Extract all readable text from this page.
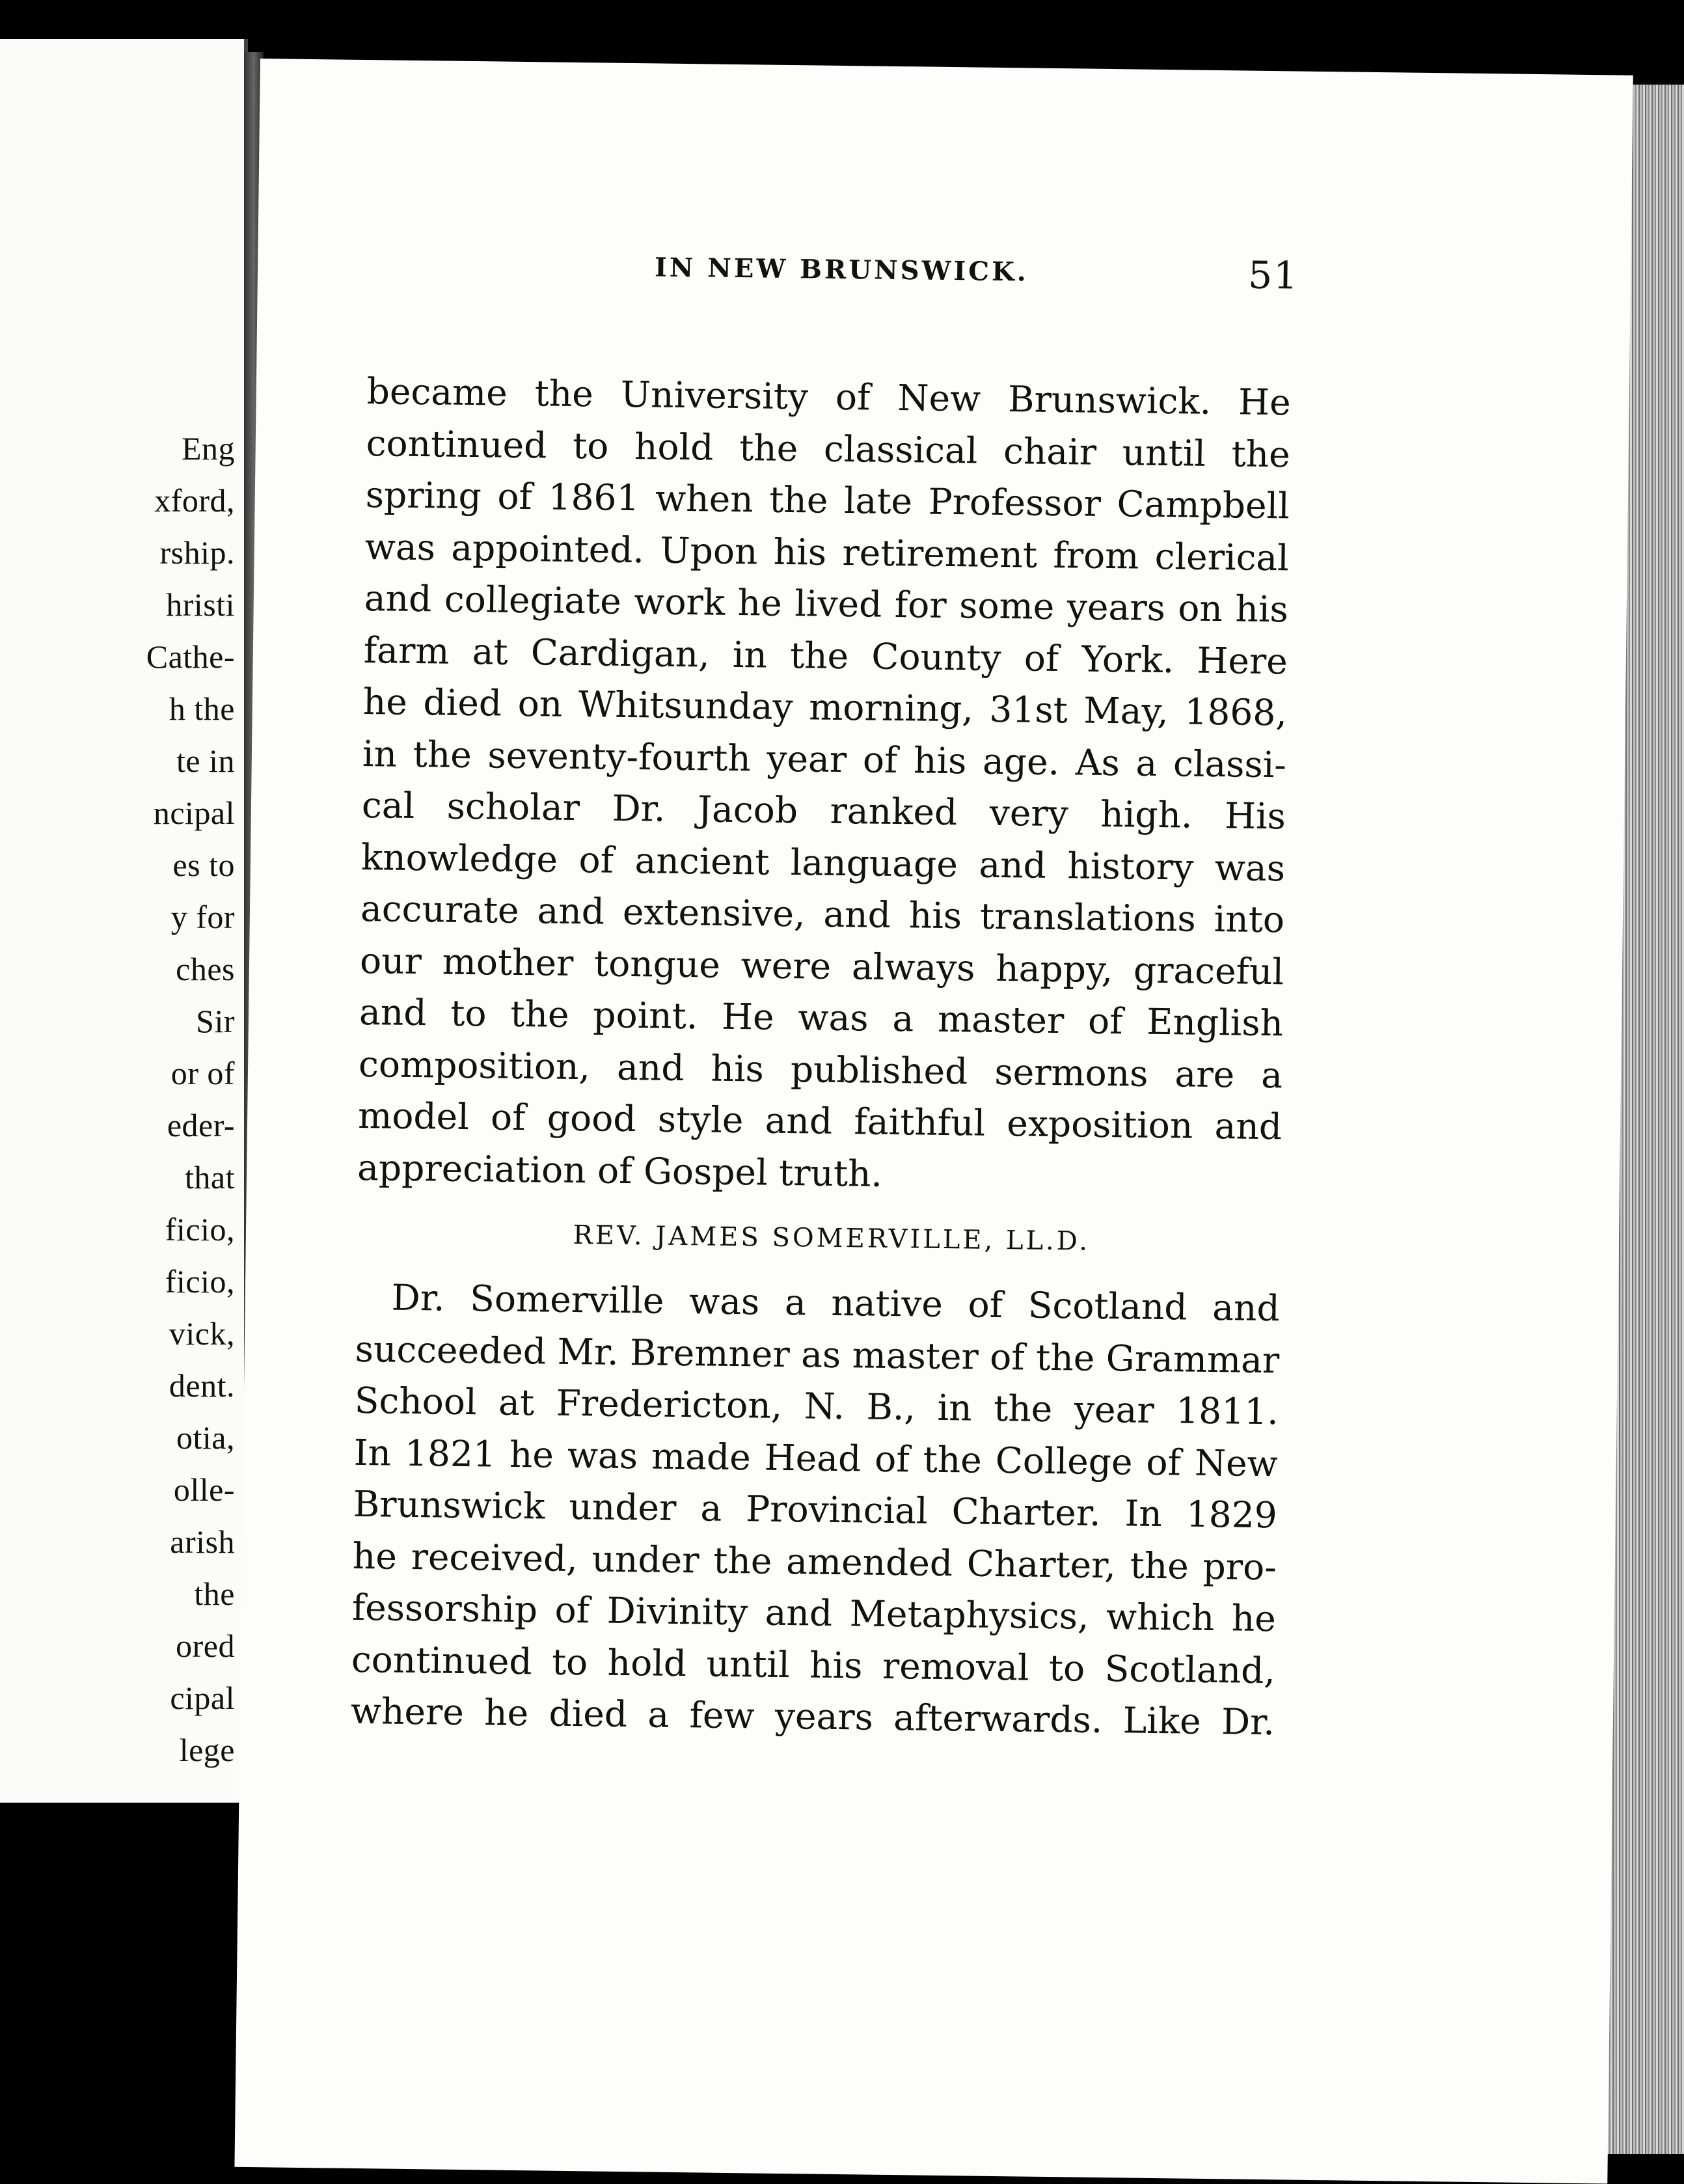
Eng
xford,
rship.
hristi
Cathe-
h the
te in
ncipal
es to
y for
ches
Sir
or of
eder-
that
ficio,
ficio,
vick,
dent.
otia,
olle-
arish
the
ored
cipal
lege
IN NEW BRUNSWICK.	51
became the University of New Brunswick. He
continued to hold the classical chair until the
spring of 1861 when the late Professor Campbell
was appointed. Upon his retirement from clerical
and collegiate work he lived for some years on his
farm at Cardigan, in the County of York. Here
he died on Whitsunday morning, 31st May, 1868,
in the seventy-fourth year of his age. As a classi-
cal scholar Dr. Jacob ranked very high. His
knowledge of ancient language and history was
accurate and extensive, and his translations into
our mother tongue were always happy, graceful
and to the point. He was a master of English
composition, and his published sermons are a
model of good style and faithful exposition and
appreciation of Gospel truth.
REV. JAMES SOMERVILLE, LL.D.
Dr. Somerville was a native of Scotland and
succeeded Mr. Bremner as master of the Grammar
School at Fredericton, N. B., in the year 1811.
In 1821 he was made Head of the College of New
Brunswick under a Provincial Charter. In 1829
he received, under the amended Charter, the pro-
fessorship of Divinity and Metaphysics, which he
continued to hold until his removal to Scotland,
where he died a few years afterwards. Like Dr.
